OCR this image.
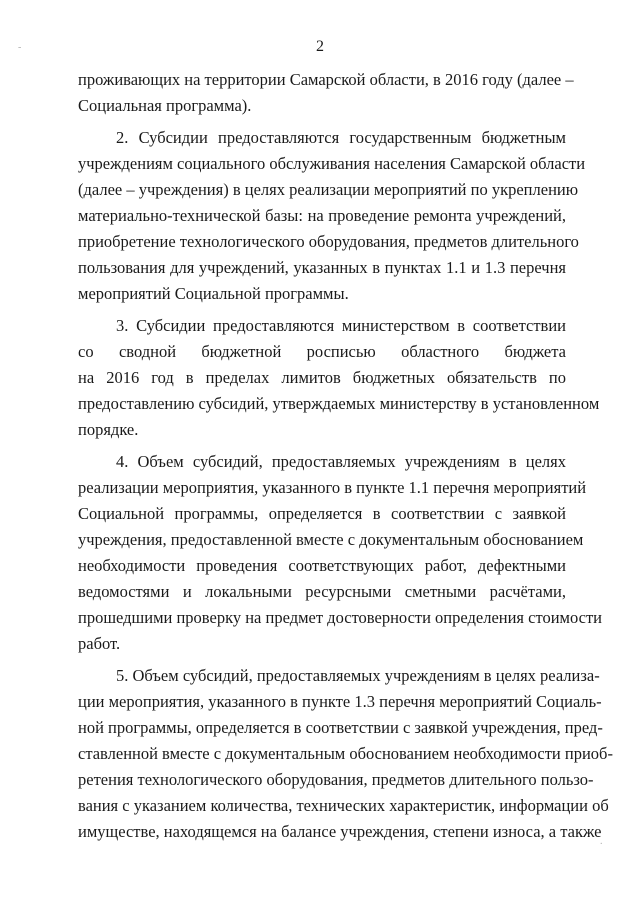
2
-
.
проживающих на территории Самарской области, в 2016 году (далее –
Социальная программа).
2. Субсидии предоставляются государственным бюджетным
учреждениям социального обслуживания населения Самарской области
(далее – учреждения) в целях реализации мероприятий по укреплению
материально-технической базы: на проведение ремонта учреждений,
приобретение технологического оборудования, предметов длительного
пользования для учреждений, указанных в пунктах 1.1 и 1.3 перечня
мероприятий Социальной программы.
3. Субсидии предоставляются министерством в соответствии
со сводной бюджетной росписью областного бюджета
на 2016 год в пределах лимитов бюджетных обязательств по
предоставлению субсидий, утверждаемых министерству в установленном
порядке.
4. Объем субсидий, предоставляемых учреждениям в целях
реализации мероприятия, указанного в пункте 1.1 перечня мероприятий
Социальной программы, определяется в соответствии с заявкой
учреждения, предоставленной вместе с документальным обоснованием
необходимости проведения соответствующих работ, дефектными
ведомостями и локальными ресурсными сметными расчётами,
прошедшими проверку на предмет достоверности определения стоимости
работ.
5. Объем субсидий, предоставляемых учреждениям в целях реализа-
ции мероприятия, указанного в пункте 1.3 перечня мероприятий Социаль-
ной программы, определяется в соответствии с заявкой учреждения, пред-
ставленной вместе с документальным обоснованием необходимости приоб-
ретения технологического оборудования, предметов длительного пользо-
вания с указанием количества, технических характеристик, информации об
имуществе, находящемся на балансе учреждения, степени износа, а также
